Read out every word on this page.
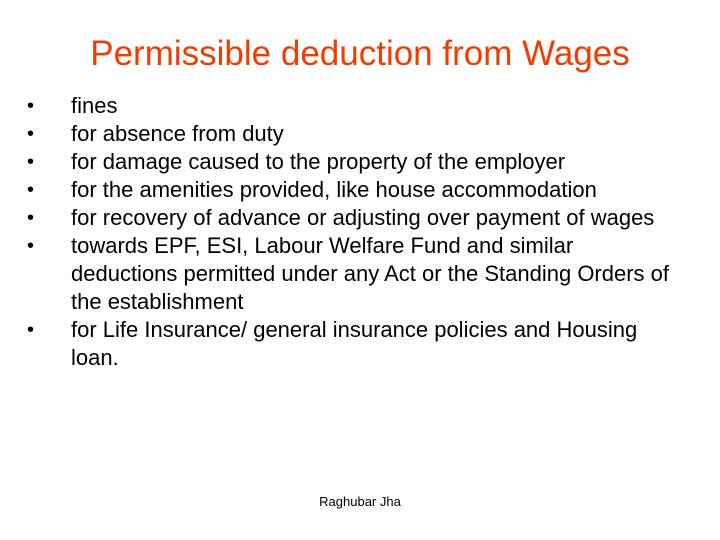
Permissible deduction from Wages
•	fines
•	for absence from duty
•	for damage caused to the property of the employer
•	for the amenities provided, like house accommodation
•	for recovery of advance or adjusting over payment of wages
•	towards EPF, ESI, Labour Welfare Fund and similar deductions permitted under any Act or the Standing Orders of the establishment
•	for Life Insurance/ general insurance policies and Housing loan.
Raghubar Jha
